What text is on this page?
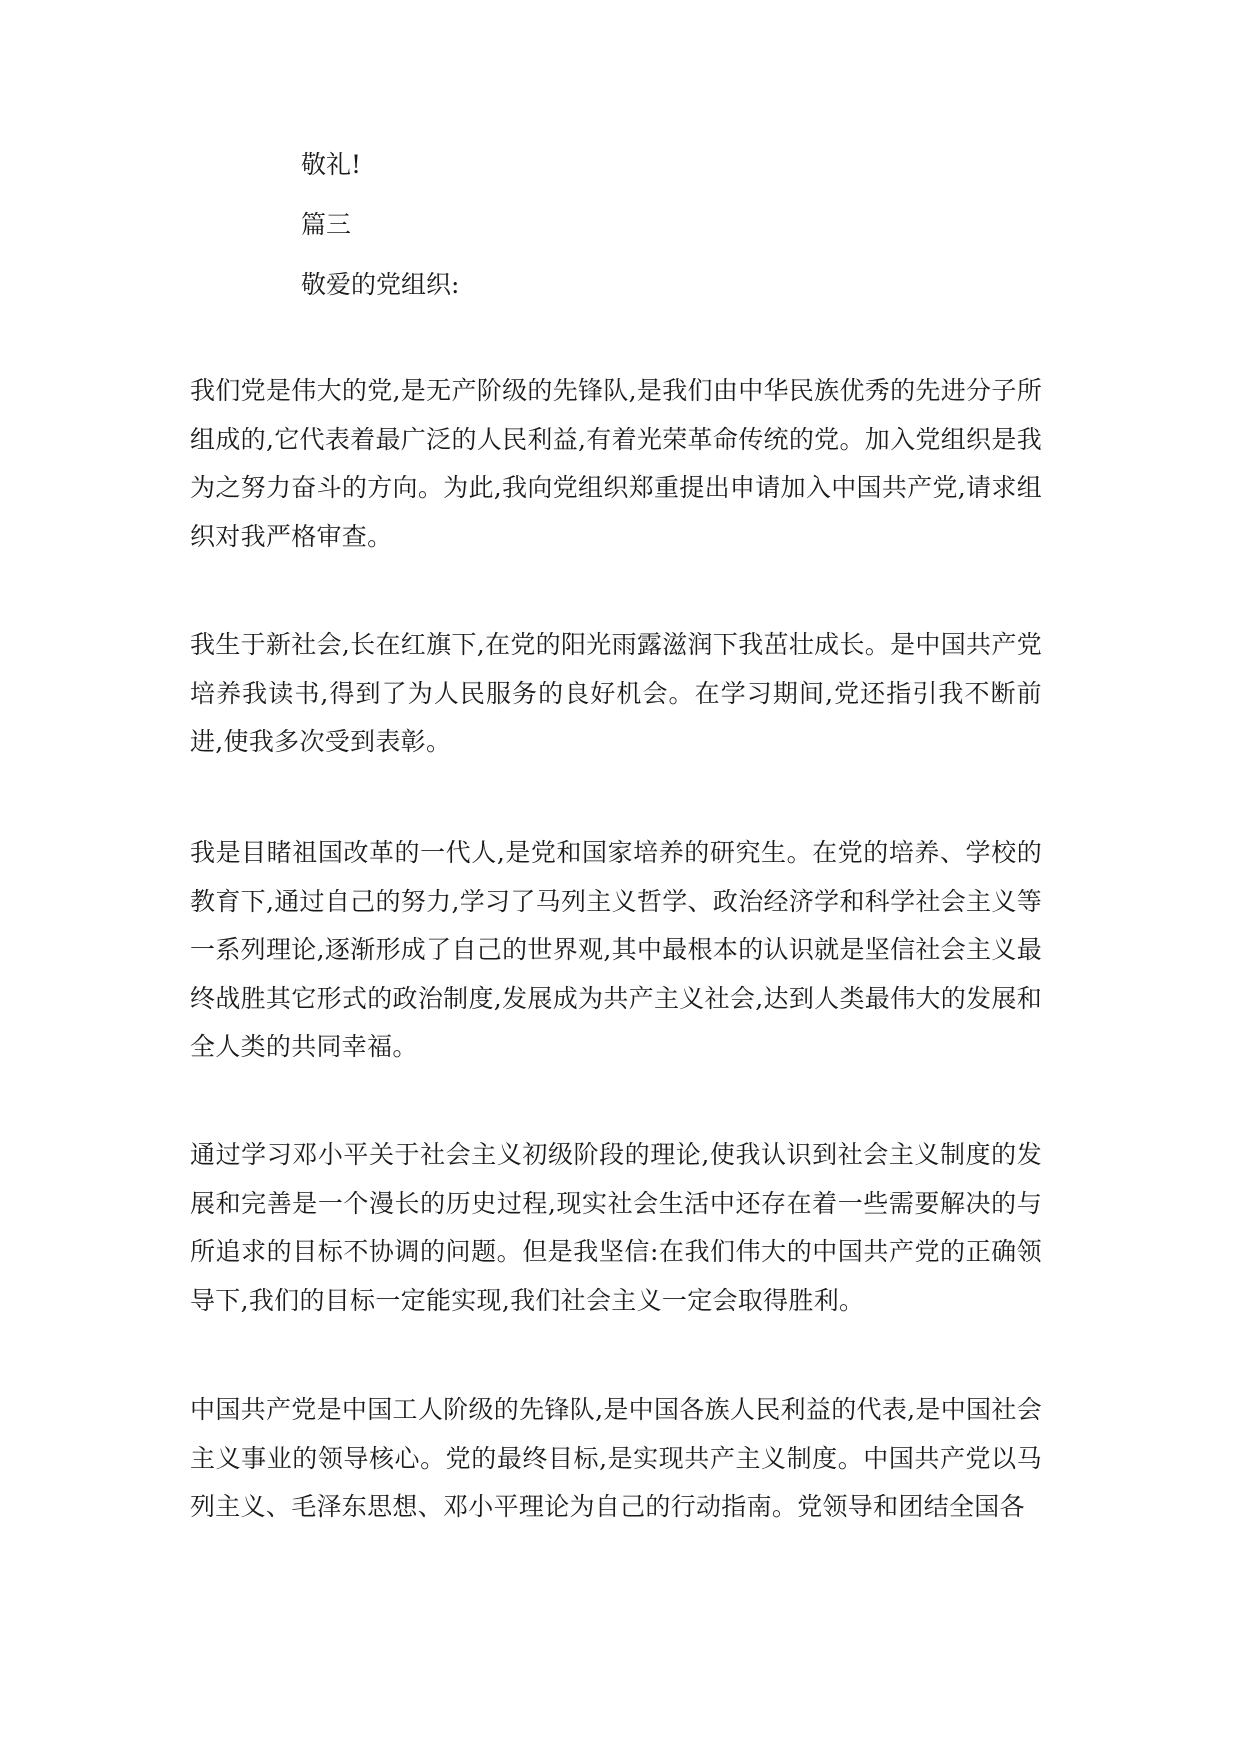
敬礼!
篇三
敬爱的党组织:
我们党是伟大的党,是无产阶级的先锋队,是我们由中华民族优秀的先进分子所组成的,它代表着最广泛的人民利益,有着光荣革命传统的党。加入党组织是我为之努力奋斗的方向。为此,我向党组织郑重提出申请加入中国共产党,请求组织对我严格审查。
我生于新社会,长在红旗下,在党的阳光雨露滋润下我茁壮成长。是中国共产党培养我读书,得到了为人民服务的良好机会。在学习期间,党还指引我不断前进,使我多次受到表彰。
我是目睹祖国改革的一代人,是党和国家培养的研究生。在党的培养、学校的教育下,通过自己的努力,学习了马列主义哲学、政治经济学和科学社会主义等一系列理论,逐渐形成了自己的世界观,其中最根本的认识就是坚信社会主义最终战胜其它形式的政治制度,发展成为共产主义社会,达到人类最伟大的发展和全人类的共同幸福。
通过学习邓小平关于社会主义初级阶段的理论,使我认识到社会主义制度的发展和完善是一个漫长的历史过程,现实社会生活中还存在着一些需要解决的与所追求的目标不协调的问题。但是我坚信:在我们伟大的中国共产党的正确领导下,我们的目标一定能实现,我们社会主义一定会取得胜利。
中国共产党是中国工人阶级的先锋队,是中国各族人民利益的代表,是中国社会主义事业的领导核心。党的最终目标,是实现共产主义制度。中国共产党以马列主义、毛泽东思想、邓小平理论为自己的行动指南。党领导和团结全国各
